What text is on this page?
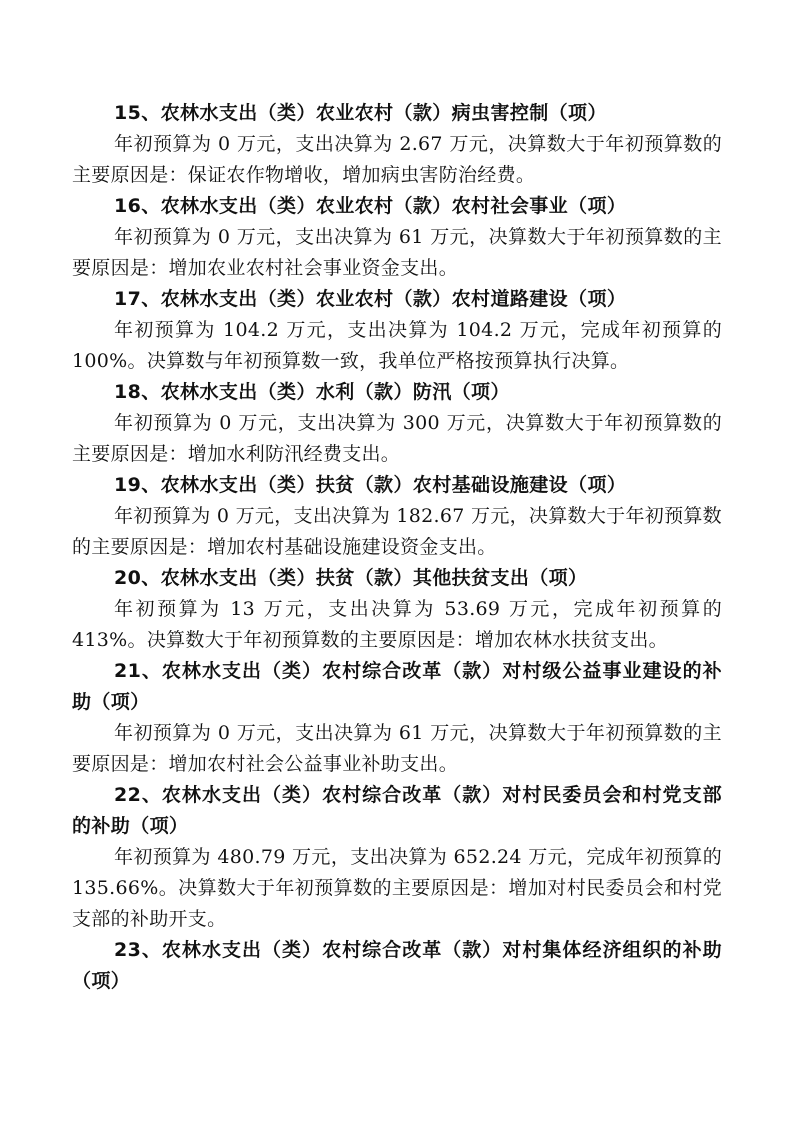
15、农林水支出（类）农业农村（款）病虫害控制（项）

年初预算为 0 万元，支出决算为 2.67 万元，决算数大于年初预算数的主要原因是：保证农作物增收，增加病虫害防治经费。

16、农林水支出（类）农业农村（款）农村社会事业（项）

年初预算为 0 万元，支出决算为 61 万元，决算数大于年初预算数的主要原因是：增加农业农村社会事业资金支出。

17、农林水支出（类）农业农村（款）农村道路建设（项）

年初预算为 104.2 万元，支出决算为 104.2 万元，完成年初预算的 100%。决算数与年初预算数一致，我单位严格按预算执行决算。

18、农林水支出（类）水利（款）防汛（项）

年初预算为 0 万元，支出决算为 300 万元，决算数大于年初预算数的主要原因是：增加水利防汛经费支出。

19、农林水支出（类）扶贫（款）农村基础设施建设（项）

年初预算为 0 万元，支出决算为 182.67 万元，决算数大于年初预算数的主要原因是：增加农村基础设施建设资金支出。

20、农林水支出（类）扶贫（款）其他扶贫支出（项）

年初预算为 13 万元，支出决算为 53.69 万元，完成年初预算的 413%。决算数大于年初预算数的主要原因是：增加农林水扶贫支出。

21、农林水支出（类）农村综合改革（款）对村级公益事业建设的补助（项）

年初预算为 0 万元，支出决算为 61 万元，决算数大于年初预算数的主要原因是：增加农村社会公益事业补助支出。

22、农林水支出（类）农村综合改革（款）对村民委员会和村党支部的补助（项）

年初预算为 480.79 万元，支出决算为 652.24 万元，完成年初预算的 135.66%。决算数大于年初预算数的主要原因是：增加对村民委员会和村党支部的补助开支。

23、农林水支出（类）农村综合改革（款）对村集体经济组织的补助（项）
